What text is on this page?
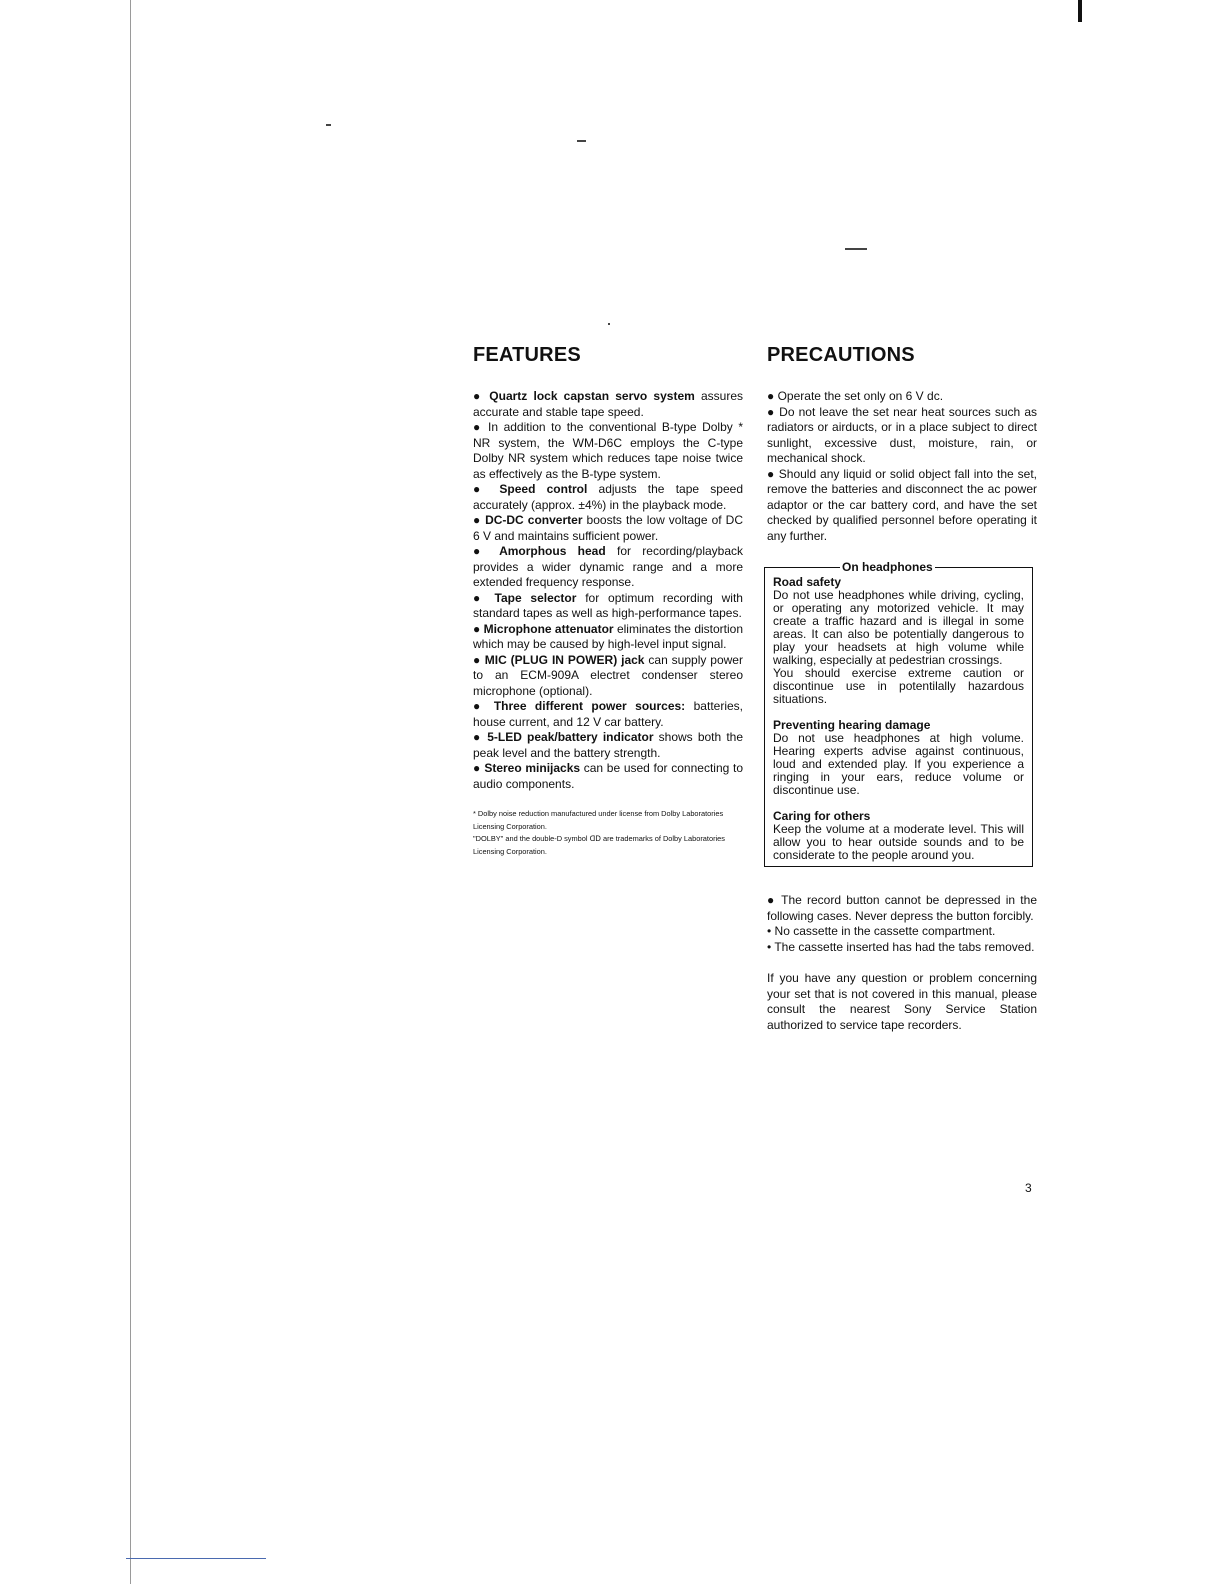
FEATURES

● Quartz lock capstan servo system assures accurate and stable tape speed.

● In addition to the conventional B-type Dolby * NR system, the WM-D6C employs the C-type Dolby NR system which reduces tape noise twice as effectively as the B-type system.

● Speed control adjusts the tape speed accurately (approx. ±4%) in the playback mode.

● DC-DC converter boosts the low voltage of DC 6 V and maintains sufficient power.

● Amorphous head for recording/playback provides a wider dynamic range and a more extended frequency response.

● Tape selector for optimum recording with standard tapes as well as high-performance tapes.

● Microphone attenuator eliminates the distortion which may be caused by high-level input signal.

● MIC (PLUG IN POWER) jack can supply power to an ECM-909A electret condenser stereo microphone (optional).

● Three different power sources: batteries, house current, and 12 V car battery.

● 5-LED peak/battery indicator shows both the peak level and the battery strength.

● Stereo minijacks can be used for connecting to audio components.

* Dolby noise reduction manufactured under license from Dolby Laboratories Licensing Corporation.
"DOLBY" and the double-D symbol ᗡᗞ are trademarks of Dolby Laboratories Licensing Corporation.
PRECAUTIONS

● Operate the set only on 6 V dc.

● Do not leave the set near heat sources such as radiators or airducts, or in a place subject to direct sunlight, excessive dust, moisture, rain, or mechanical shock.

● Should any liquid or solid object fall into the set, remove the batteries and disconnect the ac power adaptor or the car battery cord, and have the set checked by qualified personnel before operating it any further.

On headphones
Road safety

Do not use headphones while driving, cycling, or operating any motorized vehicle. It may create a traffic hazard and is illegal in some areas. It can also be potentially dangerous to play your headsets at high volume while walking, especially at pedestrian crossings.

You should exercise extreme caution or discontinue use in potentilally hazardous situations.

Preventing hearing damage

Do not use headphones at high volume. Hearing experts advise against continuous, loud and extended play. If you experience a ringing in your ears, reduce volume or discontinue use.

Caring for others

Keep the volume at a moderate level. This will allow you to hear outside sounds and to be considerate to the people around you.

● The record button cannot be depressed in the following cases. Never depress the button forcibly.

• No cassette in the cassette compartment.

• The cassette inserted has had the tabs removed.

If you have any question or problem concerning your set that is not covered in this manual, please consult the nearest Sony Service Station authorized to service tape recorders.

3
